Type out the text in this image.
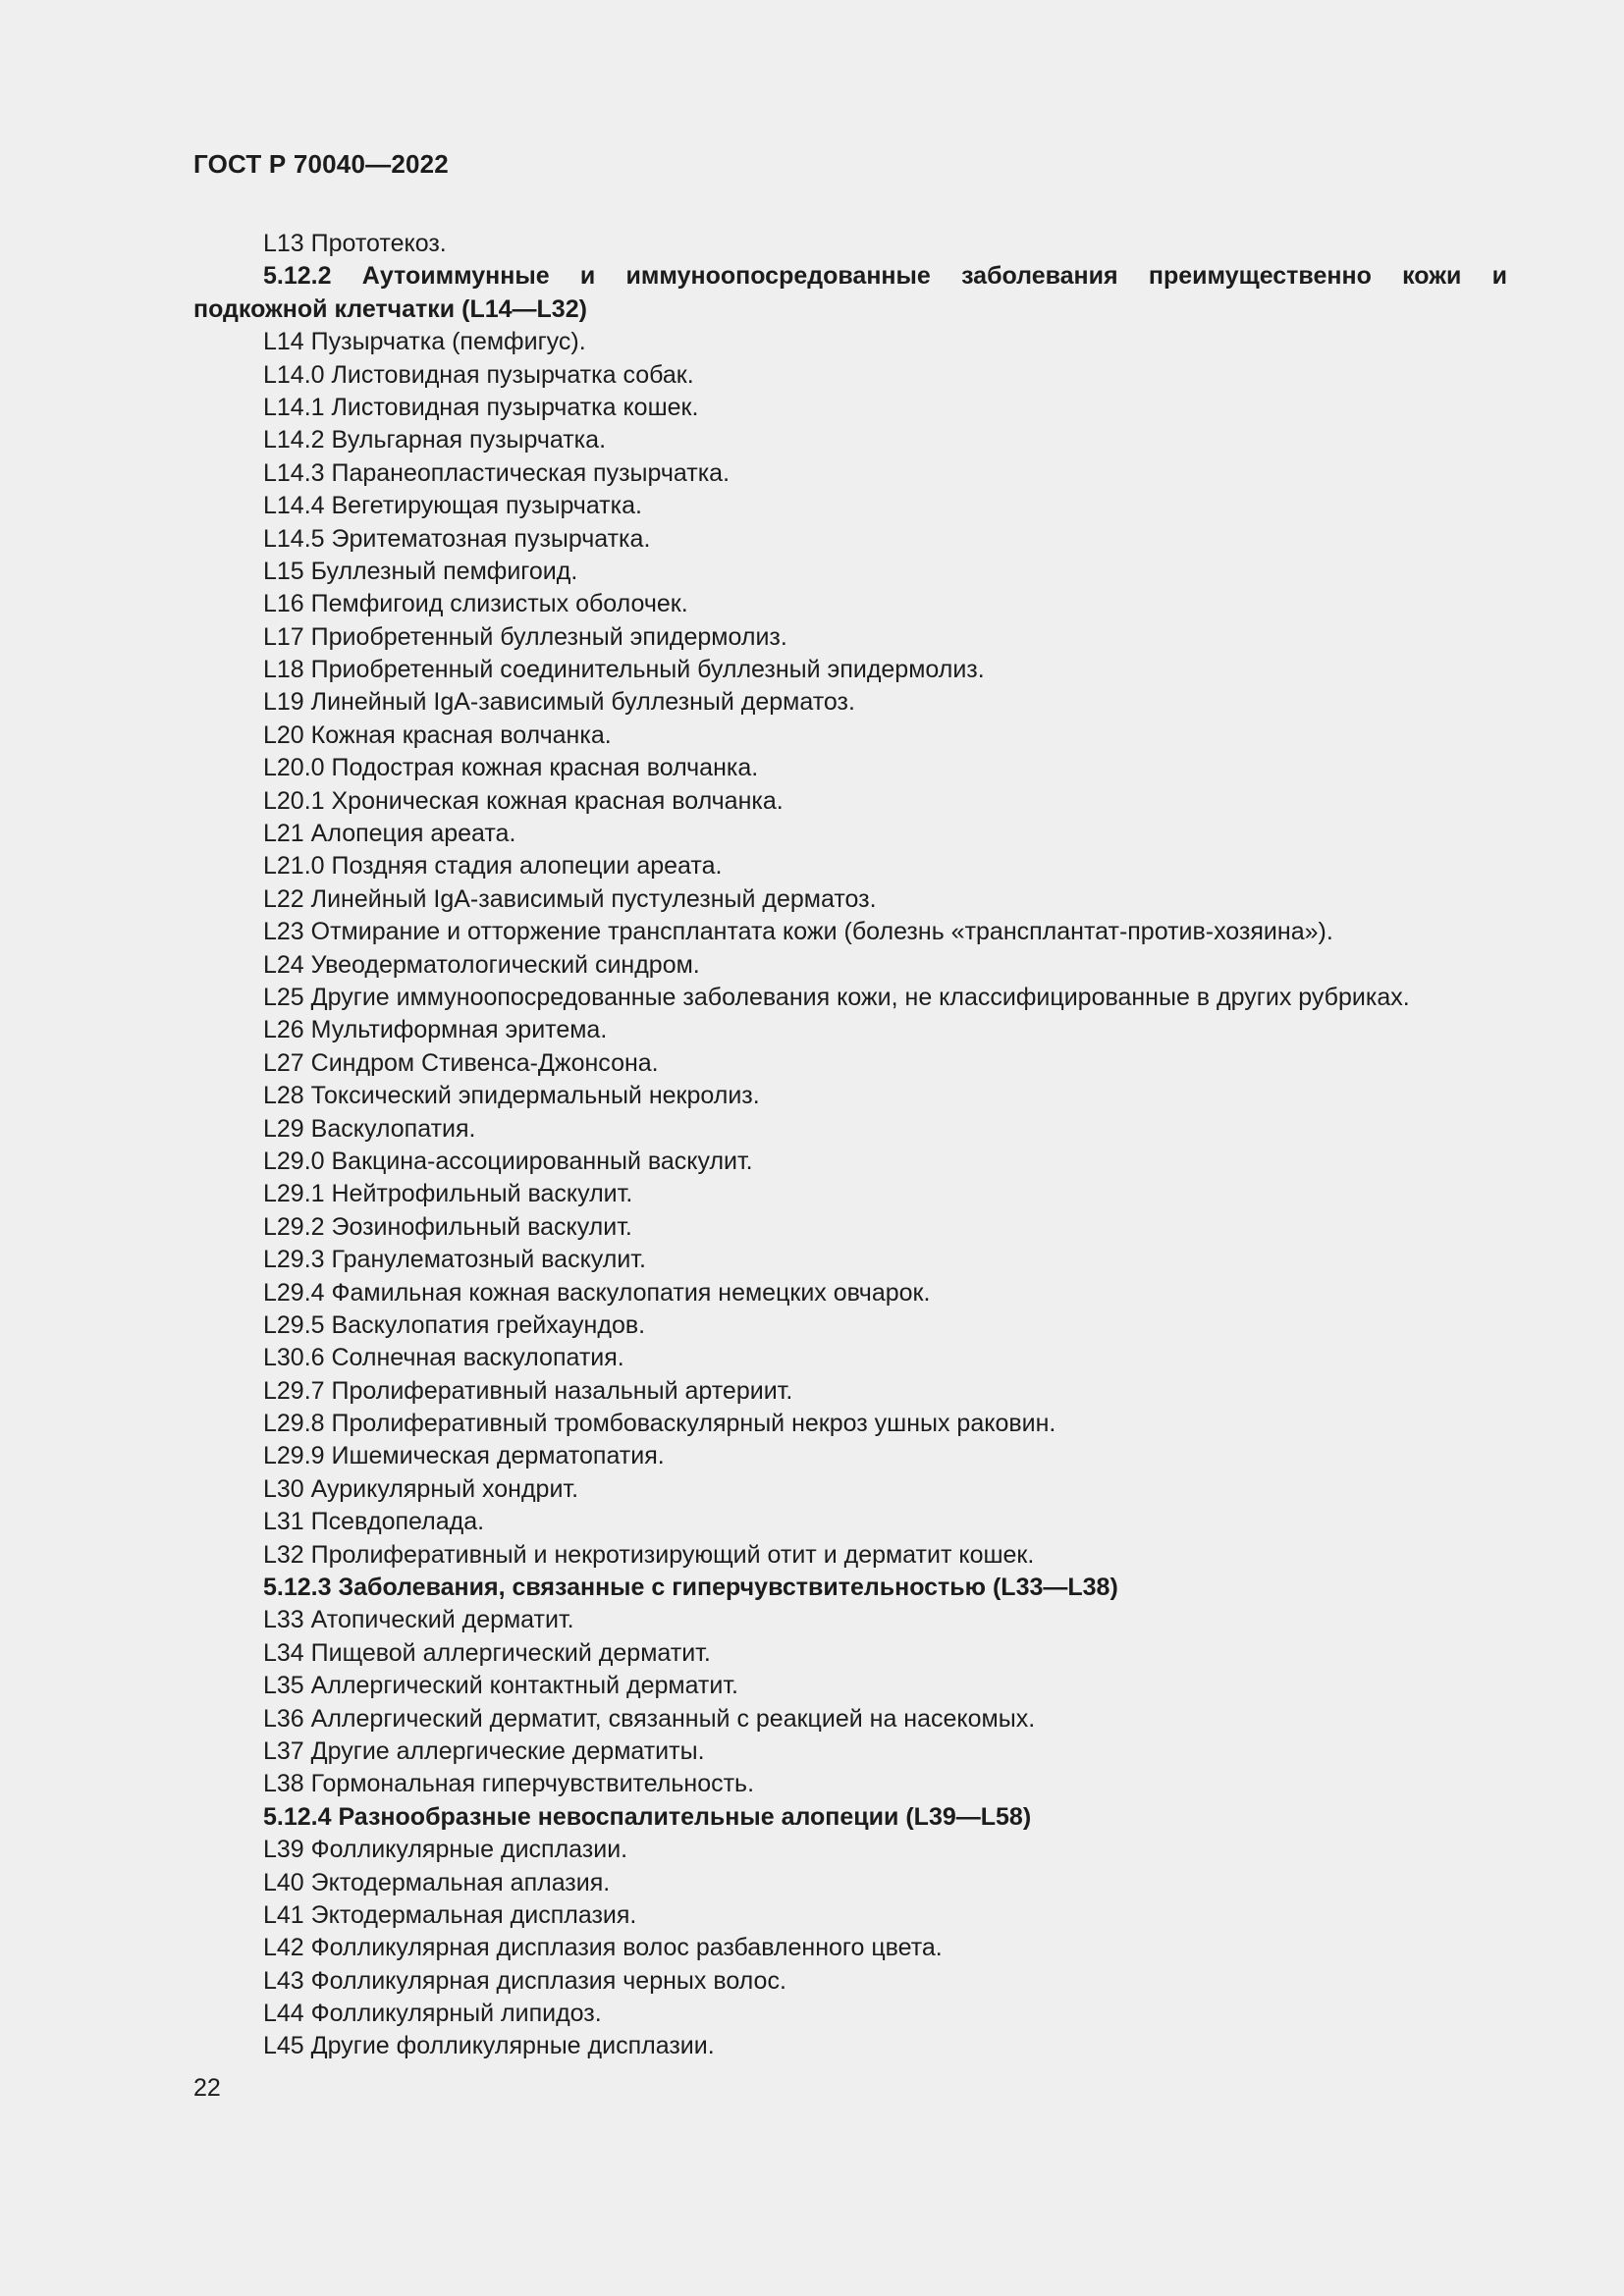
ГОСТ Р 70040—2022
L13 Прототекоз.
5.12.2 Аутоиммунные и иммуноопосредованные заболевания преимущественно кожи и
подкожной клетчатки (L14—L32)
L14 Пузырчатка (пемфигус).
L14.0 Листовидная пузырчатка собак.
L14.1 Листовидная пузырчатка кошек.
L14.2 Вульгарная пузырчатка.
L14.3 Паранеопластическая пузырчатка.
L14.4 Вегетирующая пузырчатка.
L14.5 Эритематозная пузырчатка.
L15 Буллезный пемфигоид.
L16 Пемфигоид слизистых оболочек.
L17 Приобретенный буллезный эпидермолиз.
L18 Приобретенный соединительный буллезный эпидермолиз.
L19 Линейный IgA-зависимый буллезный дерматоз.
L20 Кожная красная волчанка.
L20.0 Подострая кожная красная волчанка.
L20.1 Хроническая кожная красная волчанка.
L21 Алопеция ареата.
L21.0 Поздняя стадия алопеции ареата.
L22 Линейный IgA-зависимый пустулезный дерматоз.
L23 Отмирание и отторжение трансплантата кожи (болезнь «трансплантат-против-хозяина»).
L24 Увеодерматологический синдром.
L25 Другие иммуноопосредованные заболевания кожи, не классифицированные в других рубриках.
L26 Мультиформная эритема.
L27 Синдром Стивенса-Джонсона.
L28 Токсический эпидермальный некролиз.
L29 Васкулопатия.
L29.0 Вакцина-ассоциированный васкулит.
L29.1 Нейтрофильный васкулит.
L29.2 Эозинофильный васкулит.
L29.3 Гранулематозный васкулит.
L29.4 Фамильная кожная васкулопатия немецких овчарок.
L29.5 Васкулопатия грейхаундов.
L30.6 Солнечная васкулопатия.
L29.7 Пролиферативный назальный артериит.
L29.8 Пролиферативный тромбоваскулярный некроз ушных раковин.
L29.9 Ишемическая дерматопатия.
L30 Аурикулярный хондрит.
L31 Псевдопелада.
L32 Пролиферативный и некротизирующий отит и дерматит кошек.
5.12.3 Заболевания, связанные с гиперчувствительностью (L33—L38)
L33 Атопический дерматит.
L34 Пищевой аллергический дерматит.
L35 Аллергический контактный дерматит.
L36 Аллергический дерматит, связанный с реакцией на насекомых.
L37 Другие аллергические дерматиты.
L38 Гормональная гиперчувствительность.
5.12.4 Разнообразные невоспалительные алопеции (L39—L58)
L39 Фолликулярные дисплазии.
L40 Эктодермальная аплазия.
L41 Эктодермальная дисплазия.
L42 Фолликулярная дисплазия волос разбавленного цвета.
L43 Фолликулярная дисплазия черных волос.
L44 Фолликулярный липидоз.
L45 Другие фолликулярные дисплазии.
22
